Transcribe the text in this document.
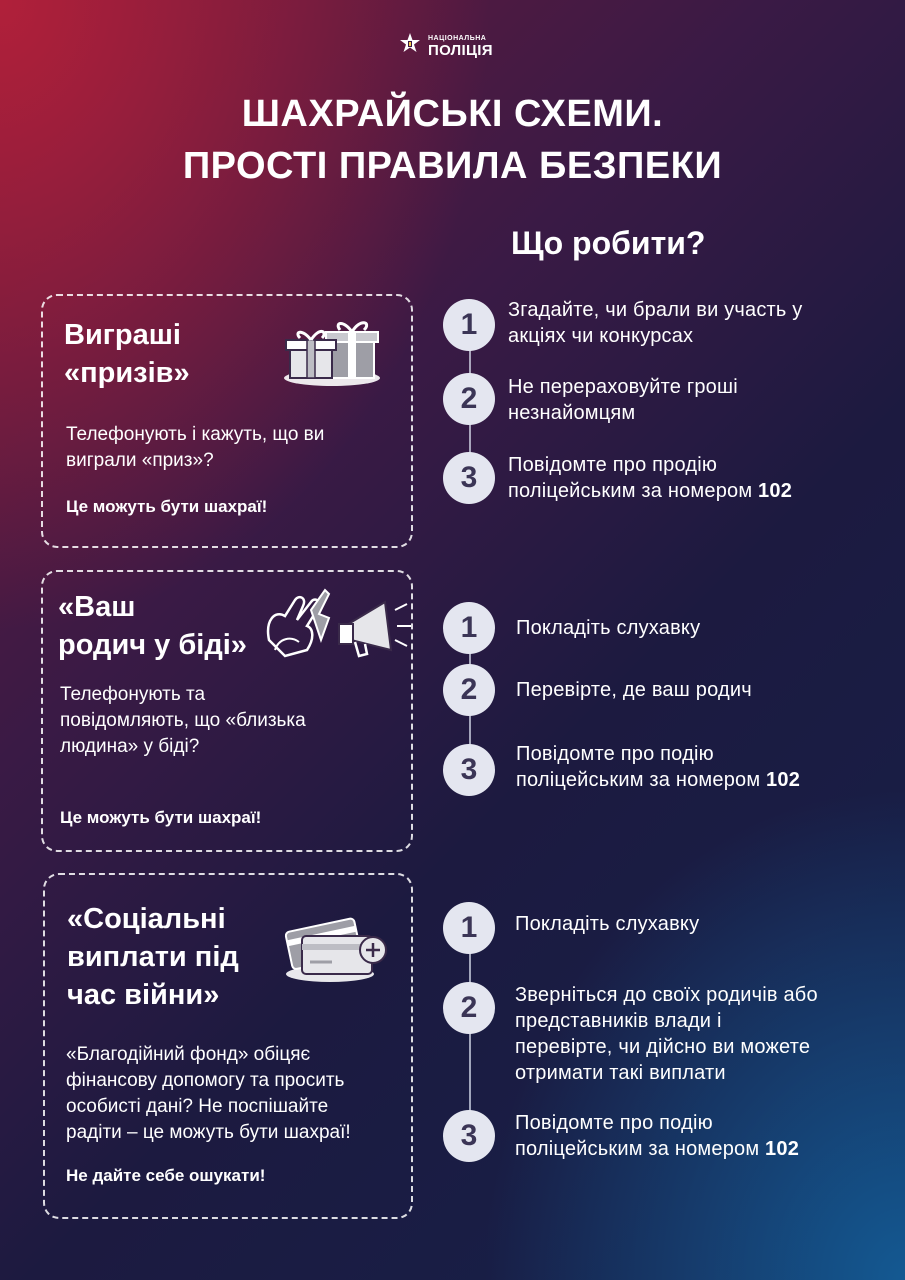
НАЦІОНАЛЬНА
ПОЛІЦІЯ
ШАХРАЙСЬКІ СХЕМИ.
ПРОСТІ ПРАВИЛА БЕЗПЕКИ
Що робити?
Виграші
«призів»
Телефонують і кажуть, що ви
виграли «приз»?
Це можуть бути шахраї!
1	Згадайте, чи брали ви участь у
акціях чи конкурсах
2	Не перераховуйте гроші
незнайомцям
3	Повідомте про продію
поліцейським за номером 102
«Ваш
родич у біді»
Телефонують та
повідомляють, що «близька
людина» у біді?
Це можуть бути шахраї!
1	Покладіть слухавку
2	Перевірте, де ваш родич
3	Повідомте про подію
поліцейським за номером 102
«Соціальні
виплати під
час війни»
«Благодійний фонд» обіцяє
фінансову допомогу та просить
особисті дані? Не поспішайте
радіти – це можуть бути шахраї!
Не дайте себе ошукати!
1	Покладіть слухавку
2	Зверніться до своїх родичів або
представників влади і
перевірте, чи дійсно ви можете
отримати такі виплати
3	Повідомте про подію
поліцейським за номером 102
